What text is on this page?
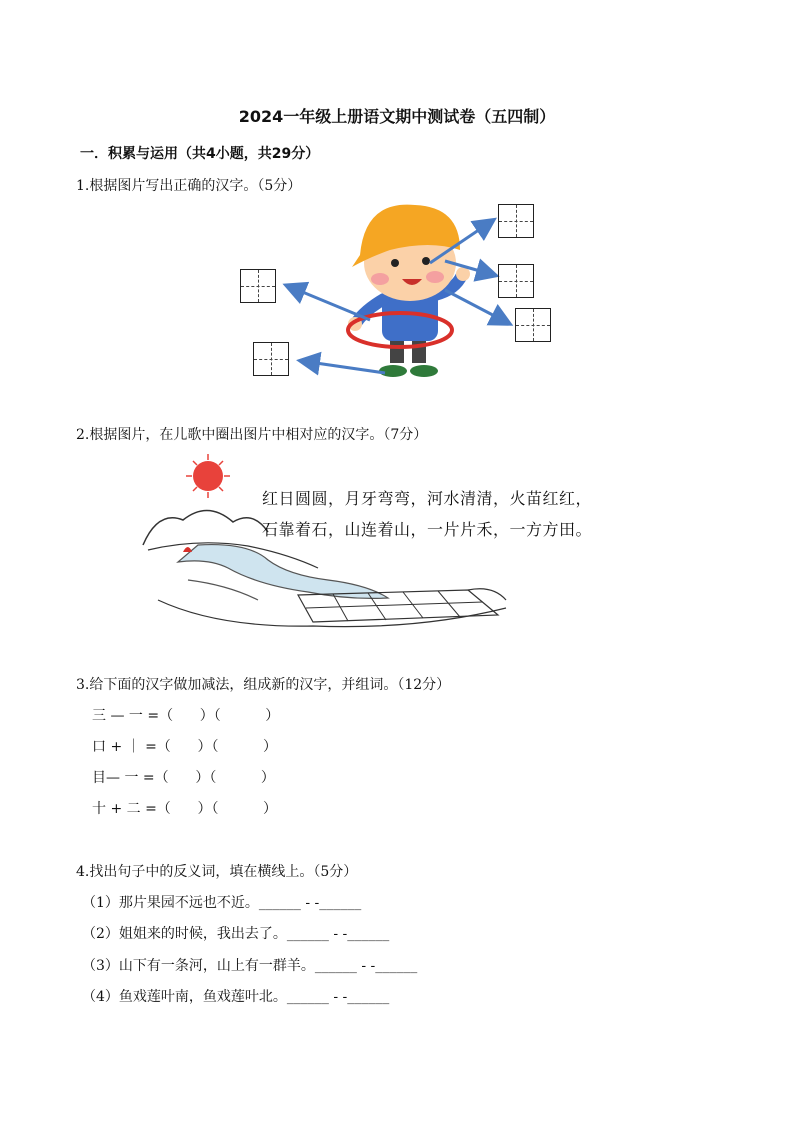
2024一年级上册语文期中测试卷（五四制）
一．积累与运用（共4小题，共29分）
1.根据图片写出正确的汉字。（5分）
2.根据图片，在儿歌中圈出图片中相对应的汉字。（7分）
红日圆圆，月牙弯弯，河水清清，火苗红红，
石靠着石，山连着山，一片片禾，一方方田。
3.给下面的汉字做加减法，组成新的汉字，并组词。（12分）
三 — 一 =（      ）（          ）
口 + ｜ =（      ）（          ）
目— 一 =（      ）（          ）
十 + 二 =（      ）（          ）
4.找出句子中的反义词，填在横线上。（5分）
（1）那片果园不远也不近。______ - -______
（2）姐姐来的时候，我出去了。______ - -______
（3）山下有一条河，山上有一群羊。______ - -______
（4）鱼戏莲叶南，鱼戏莲叶北。______ - -______
